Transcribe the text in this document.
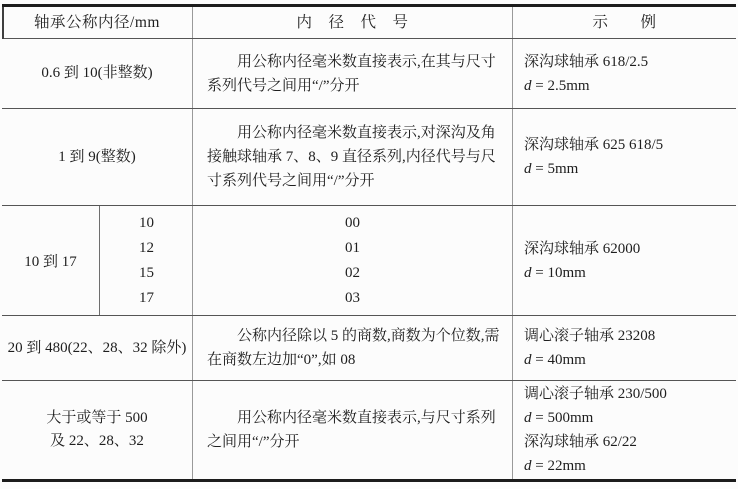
轴承公称内径/mm	内　径　代　号	示　　例
0.6 到 10(非整数)

用公称内径毫米数直接表示,在其与尺寸系列代号之间用“/”分开

深沟球轴承 618/2.5
d = 2.5mm
1 到 9(整数)

用公称内径毫米数直接表示,对深沟及角接触球轴承 7、8、9 直径系列,内径代号与尺寸系列代号之间用“/”分开

深沟球轴承 625 618/5
d = 5mm
10 到 17
10
12
15
17
00
01
02
03
深沟球轴承 62000
d = 10mm
20 到 480(22、28、32 除外)

公称内径除以 5 的商数,商数为个位数,需在商数左边加“0”,如 08

调心滚子轴承 23208
d = 40mm
大于或等于 500
及 22、28、32

用公称内径毫米数直接表示,与尺寸系列之间用“/”分开

调心滚子轴承 230/500
d = 500mm
深沟球轴承 62/22
d = 22mm
